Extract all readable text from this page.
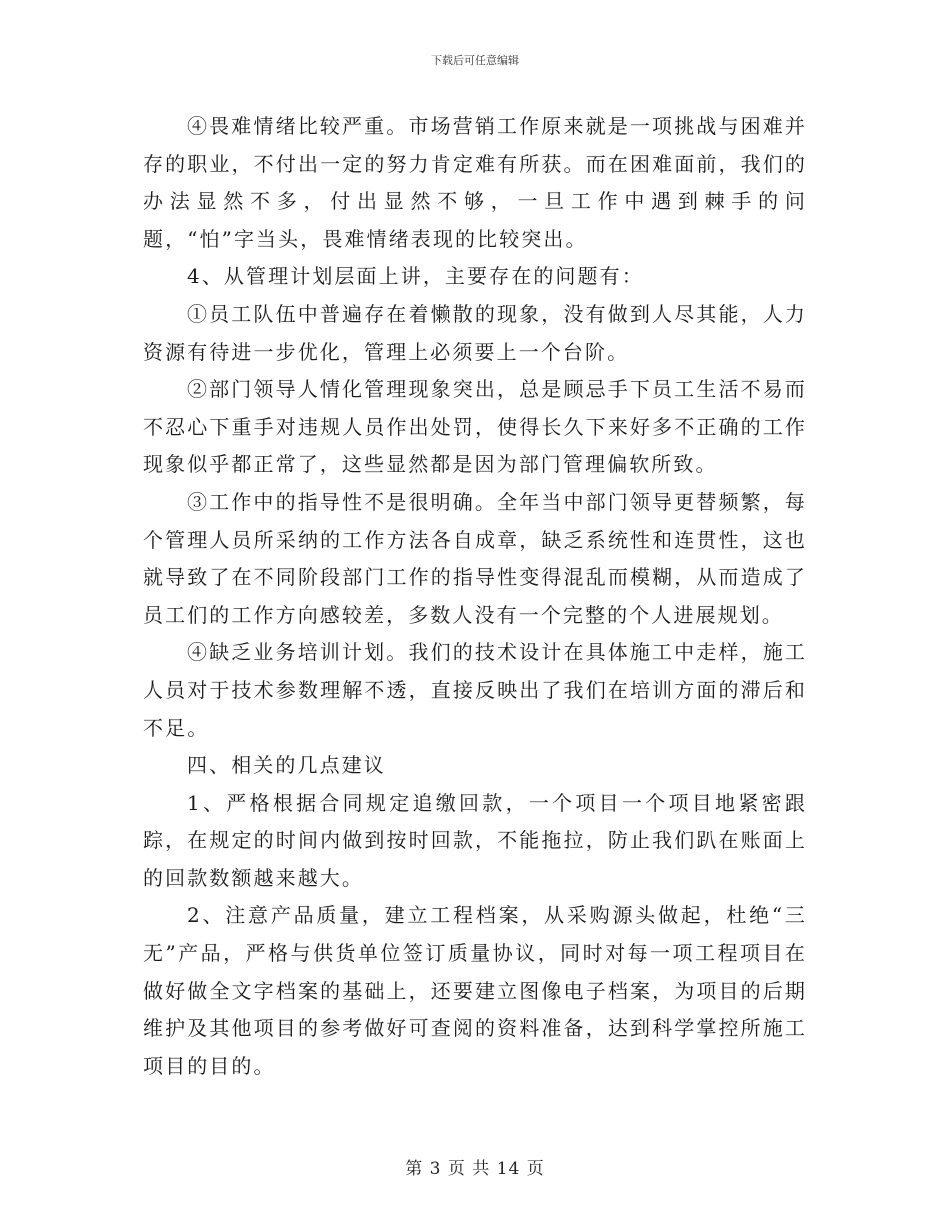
下载后可任意编辑

④畏难情绪比较严重。市场营销工作原来就是一项挑战与困难并存的职业，不付出一定的努力肯定难有所获。而在困难面前，我们的办法显然不多，付出显然不够，一旦工作中遇到棘手的问题，“怕”字当头，畏难情绪表现的比较突出。

4、从管理计划层面上讲，主要存在的问题有：

①员工队伍中普遍存在着懒散的现象，没有做到人尽其能，人力资源有待进一步优化，管理上必须要上一个台阶。

②部门领导人情化管理现象突出，总是顾忌手下员工生活不易而不忍心下重手对违规人员作出处罚，使得长久下来好多不正确的工作现象似乎都正常了，这些显然都是因为部门管理偏软所致。

③工作中的指导性不是很明确。全年当中部门领导更替频繁，每个管理人员所采纳的工作方法各自成章，缺乏系统性和连贯性，这也就导致了在不同阶段部门工作的指导性变得混乱而模糊，从而造成了员工们的工作方向感较差，多数人没有一个完整的个人进展规划。

④缺乏业务培训计划。我们的技术设计在具体施工中走样，施工人员对于技术参数理解不透，直接反映出了我们在培训方面的滞后和不足。

四、相关的几点建议

1、严格根据合同规定追缴回款，一个项目一个项目地紧密跟踪，在规定的时间内做到按时回款，不能拖拉，防止我们趴在账面上的回款数额越来越大。

2、注意产品质量，建立工程档案，从采购源头做起，杜绝“三无”产品，严格与供货单位签订质量协议，同时对每一项工程项目在做好做全文字档案的基础上，还要建立图像电子档案，为项目的后期维护及其他项目的参考做好可查阅的资料准备，达到科学掌控所施工项目的目的。

第 3 页 共 14 页
